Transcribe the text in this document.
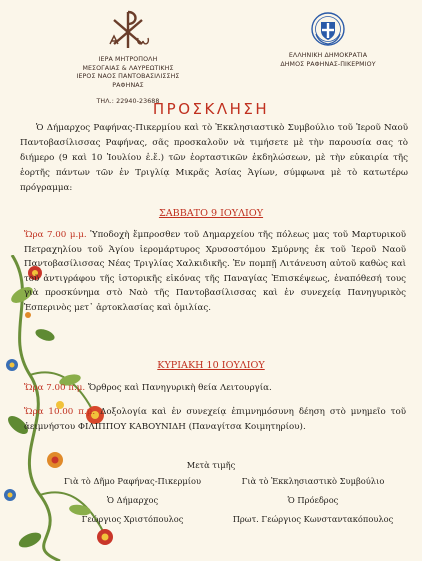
ΙΕΡΑ ΜΗΤΡΟΠΟΛΗ
ΜΕΣΟΓΑΙΑΣ & ΛΑΥΡΕΩΤΙΚΗΣ
ΙΕΡΟΣ ΝΑΟΣ ΠΑΝΤΟΒΑΣΙΛΙΣΣΗΣ
ΡΑΦΗΝΑΣ
ΤΗΛ.: 22940-23688
ΕΛΛΗΝΙΚΗ ΔΗΜΟΚΡΑΤΙΑ
ΔΗΜΟΣ ΡΑΦΗΝΑΣ-ΠΙΚΕΡΜΙΟΥ
ΠΡΟΣΚΛΗΣΗ
Ὁ Δήμαρχος Ραφήνας-Πικερμίου καὶ τὸ Ἐκκλησιαστικὸ Συμβούλιο τοῦ Ἱεροῦ Ναοῦ Παντοβασίλισσας Ραφήνας, σᾶς προσκαλοῦν νὰ τιμήσετε μὲ τὴν παρουσία σας τὸ διήμερο (9 καὶ 10 Ἰουλίου ἐ.ἔ.) τῶν ἑορταστικῶν ἐκδηλώσεων, μὲ τὴν εὐκαιρία τῆς ἑορτῆς πάντων τῶν ἐν Τριγλίᾳ Μικρᾶς Ἀσίας Ἁγίων, σύμφωνα μὲ τὸ κατωτέρω πρόγραμμα:
ΣΑΒΒΑΤΟ 9 ΙΟΥΛΙΟΥ
Ὥρα 7.00 μ.μ. Ὑποδοχὴ ἔμπροσθεν τοῦ Δημαρχείου τῆς πόλεως μας τοῦ Μαρτυρικοῦ Πετραχηλίου τοῦ Ἁγίου ἱερομάρτυρος Χρυσοστόμου Σμύρνης ἐκ τοῦ Ἱεροῦ Ναοῦ Παντοβασίλισσας Νέας Τριγλίας Χαλκιδικῆς. Ἐν πομπῇ Λιτάνευση αὐτοῦ καθὼς καὶ τοῦ ἀντιγράφου τῆς ἱστορικῆς εἰκόνας τῆς Παναγίας Ἐπισκέψεως, ἐναπόθεσή τους γιὰ προσκύνημα στὸ Ναὸ τῆς Παντοβασίλισσας καὶ ἐν συνεχείᾳ Πανηγυρικὸς Ἑσπερινὸς μετ᾽ ἀρτοκλασίας καὶ ὁμιλίας.
ΚΥΡΙΑΚΗ 10 ΙΟΥΛΙΟΥ
Ὥρα 7.00 π.μ. Ὄρθρος καὶ Πανηγυρικὴ θεία Λειτουργία.
Ὥρα 10.00 π.μ. Δοξολογία καὶ ἐν συνεχείᾳ ἐπιμνημόσυνη δέηση στὸ μνημεῖο τοῦ ἀειμνήστου ΦΙΛΙΠΠΟΥ ΚΑΒΟΥΝΙΔΗ (Παναγίτσα Κοιμητηρίου).
Μετὰ τιμῆς
Γιὰ τὸ Δῆμο Ραφήνας-Πικερμίου
Ὁ Δήμαρχος
Γεώργιος Χριστόπουλος
Γιὰ τὸ Ἐκκλησιαστικὸ Συμβούλιο
Ὁ Πρόεδρος
Πρωτ. Γεώργιος Κωνσταντακόπουλος
